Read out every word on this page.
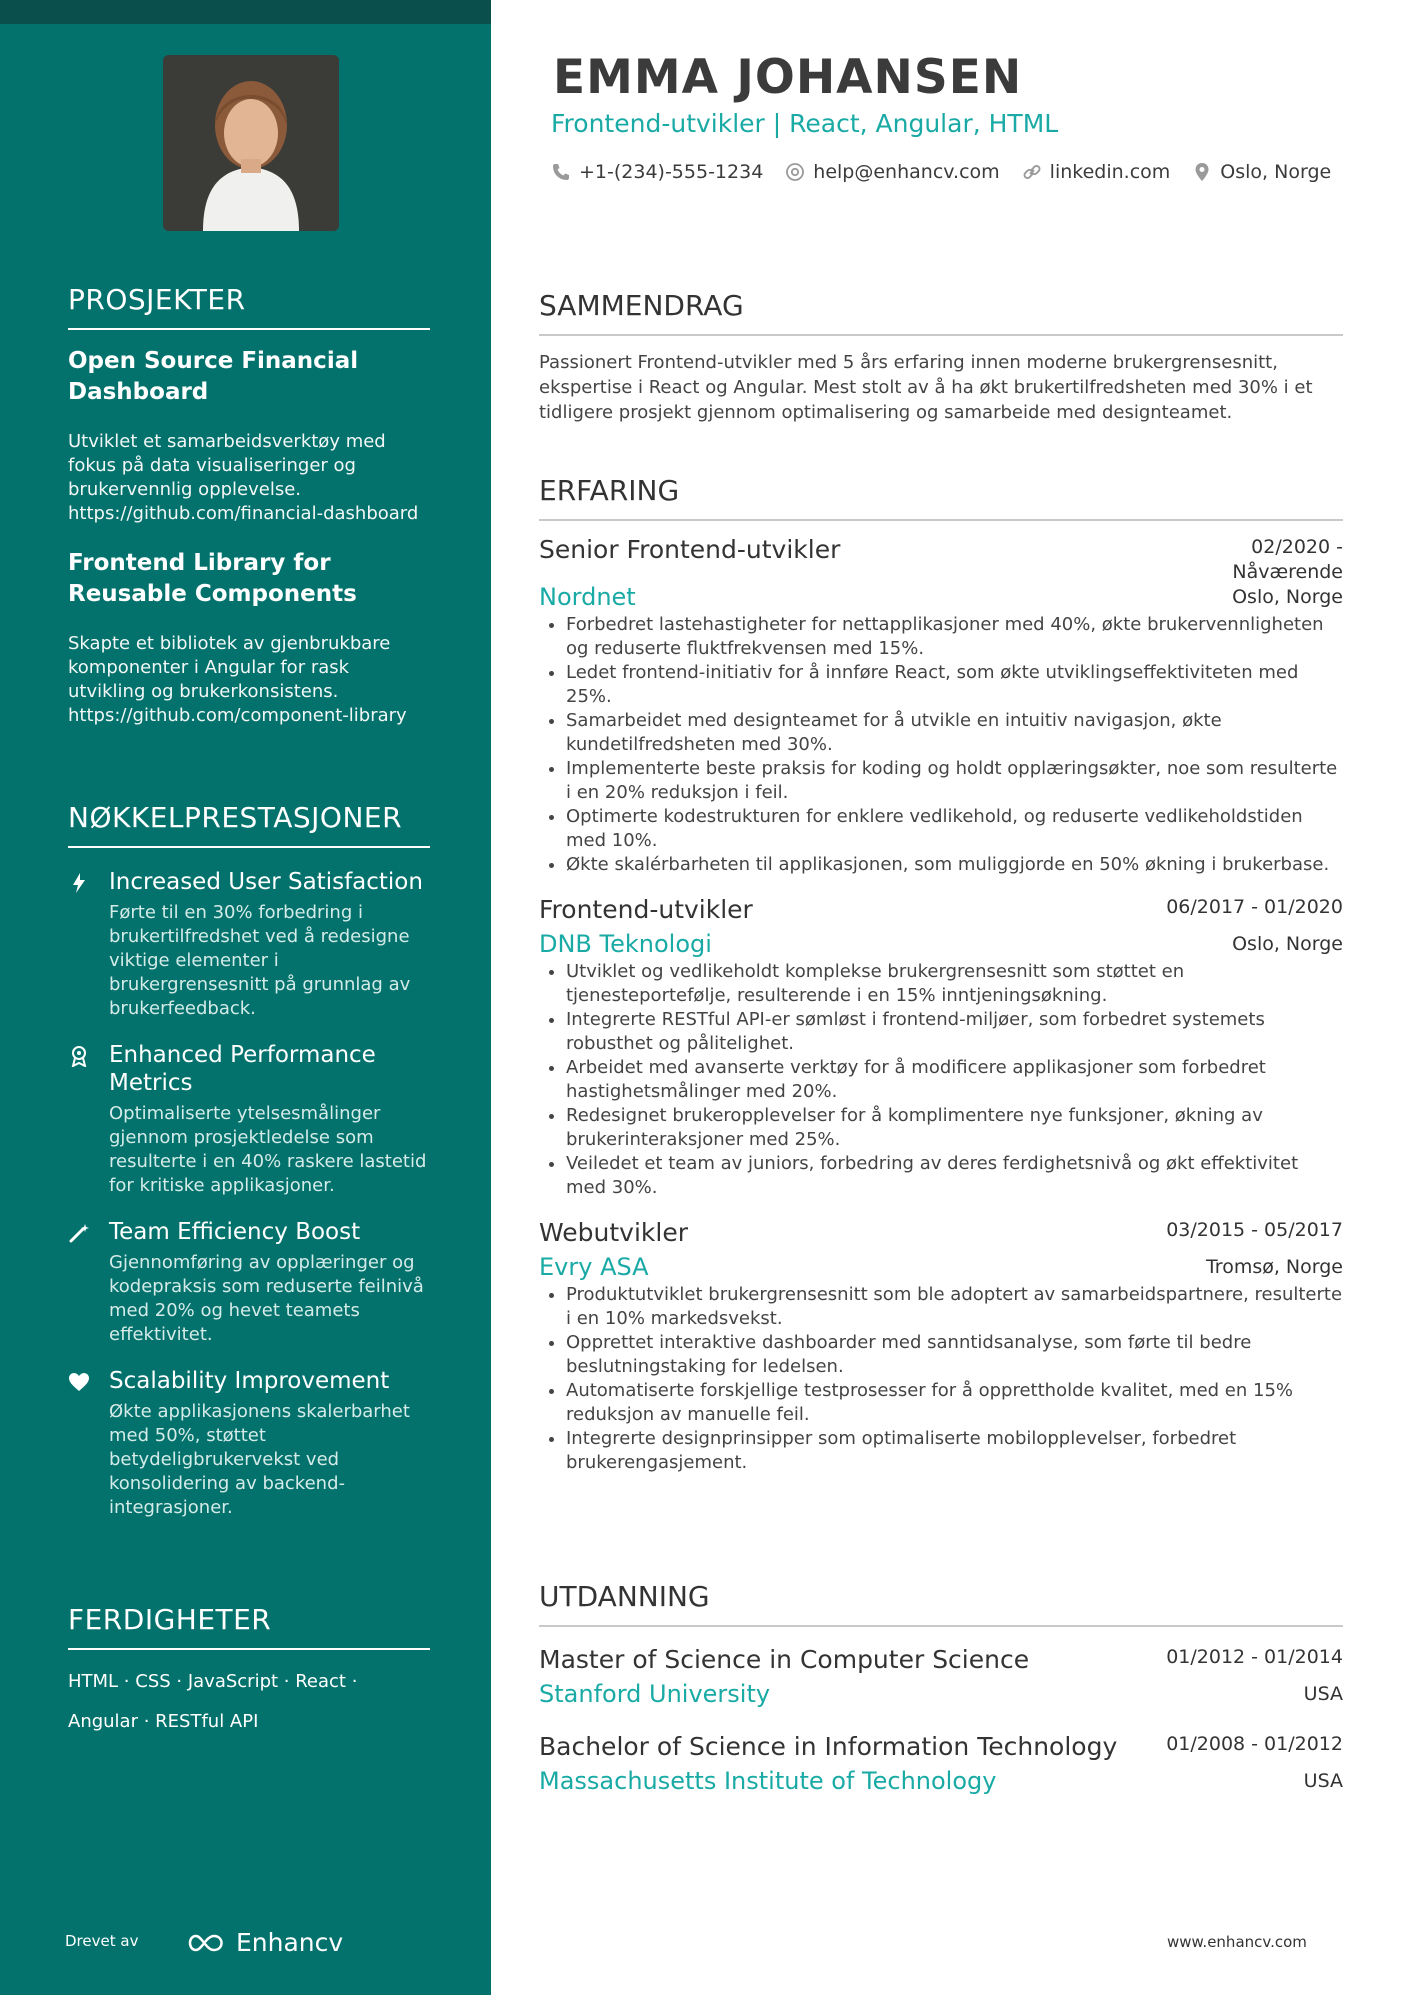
PROSJEKTER
Open Source Financial Dashboard
Utviklet et samarbeidsverktøy med fokus på data visualiseringer og brukervennlig opplevelse.
https://github.com/financial-dashboard
Frontend Library for Reusable Components
Skapte et bibliotek av gjenbrukbare komponenter i Angular for rask utvikling og brukerkonsistens.
https://github.com/component-library
NØKKELPRESTASJONER
Increased User Satisfaction
Førte til en 30% forbedring i brukertilfredshet ved å redesigne viktige elementer i brukergrensesnitt på grunnlag av brukerfeedback.
Enhanced Performance Metrics
Optimaliserte ytelsesmålinger gjennom prosjektledelse som resulterte i en 40% raskere lastetid for kritiske applikasjoner.
Team Efficiency Boost
Gjennomføring av opplæringer og kodepraksis som reduserte feilnivå med 20% og hevet teamets effektivitet.
Scalability Improvement
Økte applikasjonens skalerbarhet med 50%, støttet betydeligbrukervekst ved konsolidering av backend-integrasjoner.
FERDIGHETER
HTML · CSS · JavaScript · React ·
Angular · RESTful API
Drevet av	Enhancv
EMMA JOHANSEN
Frontend-utvikler | React, Angular, HTML
+1-(234)-555-1234	help@enhancv.com	linkedin.com	Oslo, Norge
SAMMENDRAG
Passionert Frontend-utvikler med 5 års erfaring innen moderne brukergrensesnitt, ekspertise i React og Angular. Mest stolt av å ha økt brukertilfredsheten med 30% i et tidligere prosjekt gjennom optimalisering og samarbeide med designteamet.
ERFARING
Senior Frontend-utvikler	02/2020 -
Nåværende
Nordnet	Oslo, Norge
• Forbedret lastehastigheter for nettapplikasjoner med 40%, økte brukervennligheten og reduserte fluktfrekvensen med 15%.
• Ledet frontend-initiativ for å innføre React, som økte utviklingseffektiviteten med 25%.
• Samarbeidet med designteamet for å utvikle en intuitiv navigasjon, økte kundetilfredsheten med 30%.
• Implementerte beste praksis for koding og holdt opplæringsøkter, noe som resulterte i en 20% reduksjon i feil.
• Optimerte kodestrukturen for enklere vedlikehold, og reduserte vedlikeholdstiden med 10%.
• Økte skalérbarheten til applikasjonen, som muliggjorde en 50% økning i brukerbase.
Frontend-utvikler	06/2017 - 01/2020
DNB Teknologi	Oslo, Norge
• Utviklet og vedlikeholdt komplekse brukergrensesnitt som støttet en tjenesteportefølje, resulterende i en 15% inntjeningsøkning.
• Integrerte RESTful API-er sømløst i frontend-miljøer, som forbedret systemets robusthet og pålitelighet.
• Arbeidet med avanserte verktøy for å modificere applikasjoner som forbedret hastighetsmålinger med 20%.
• Redesignet brukeropplevelser for å komplimentere nye funksjoner, økning av brukerinteraksjoner med 25%.
• Veiledet et team av juniors, forbedring av deres ferdighetsnivå og økt effektivitet med 30%.
Webutvikler	03/2015 - 05/2017
Evry ASA	Tromsø, Norge
• Produktutviklet brukergrensesnitt som ble adoptert av samarbeidspartnere, resulterte i en 10% markedsvekst.
• Opprettet interaktive dashboarder med sanntidsanalyse, som førte til bedre beslutningstaking for ledelsen.
• Automatiserte forskjellige testprosesser for å opprettholde kvalitet, med en 15% reduksjon av manuelle feil.
• Integrerte designprinsipper som optimaliserte mobilopplevelser, forbedret brukerengasjement.
UTDANNING
Master of Science in Computer Science	01/2012 - 01/2014
Stanford University	USA
Bachelor of Science in Information Technology	01/2008 - 01/2012
Massachusetts Institute of Technology	USA
www.enhancv.com
